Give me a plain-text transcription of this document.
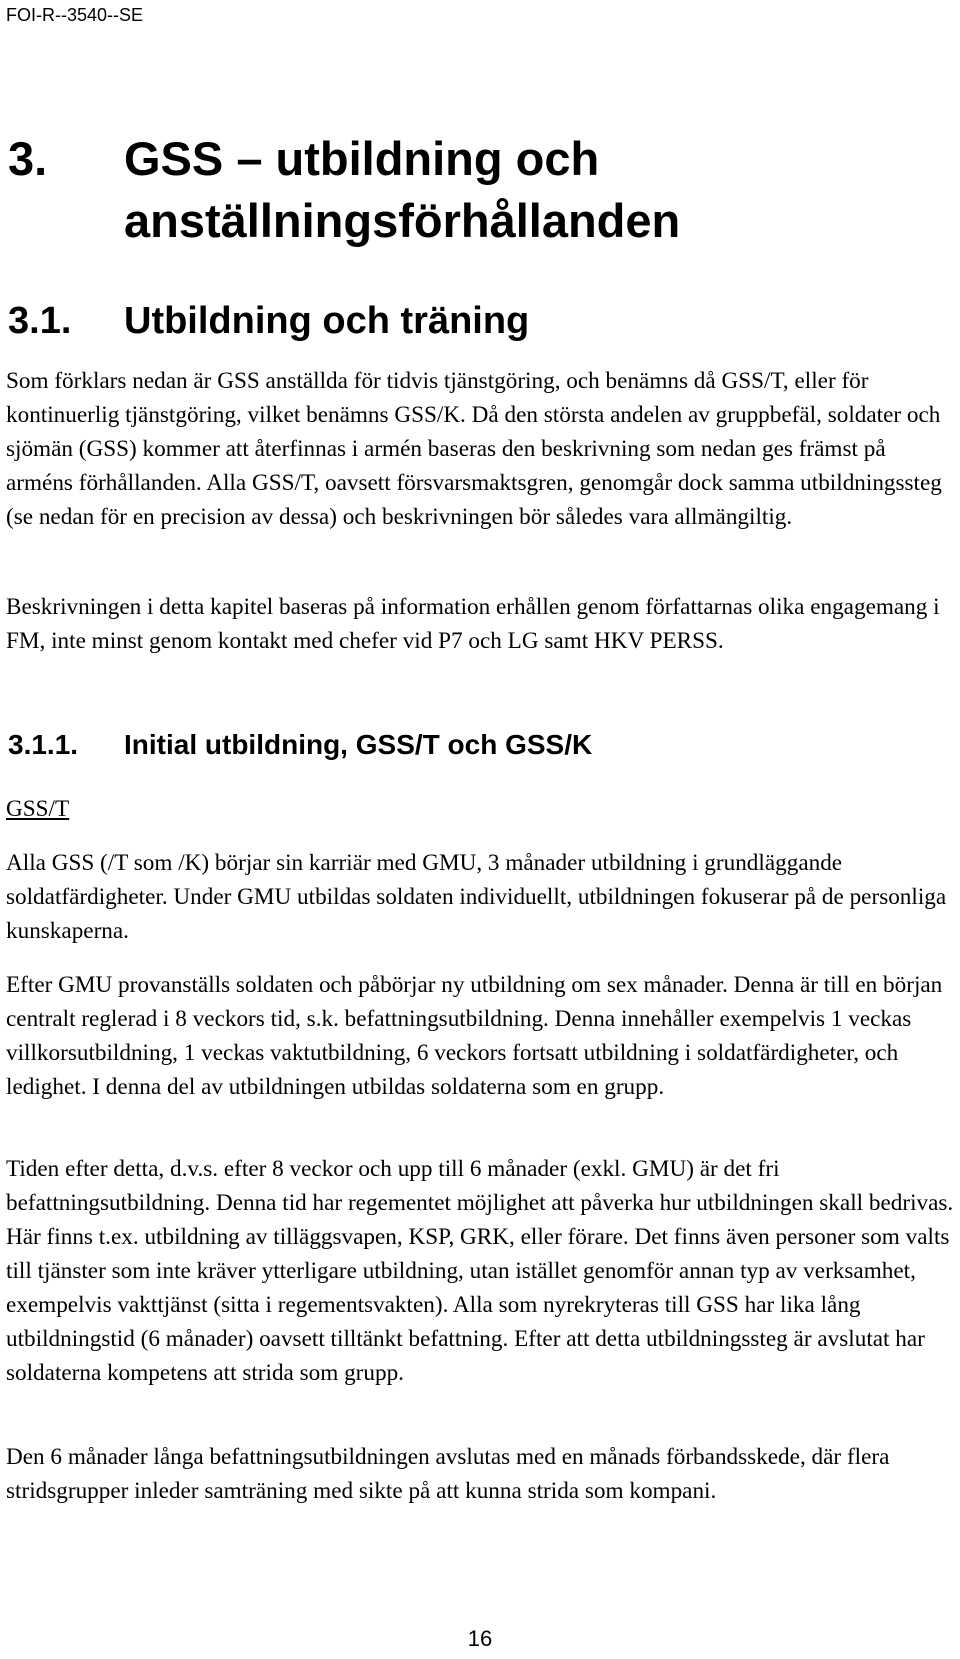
FOI-R--3540--SE
3.	GSS – utbildning och anställningsförhållanden
3.1.	Utbildning och träning

Som förklars nedan är GSS anställda för tidvis tjänstgöring, och benämns då GSS/T, eller för kontinuerlig tjänstgöring, vilket benämns GSS/K. Då den största andelen av gruppbefäl, soldater och sjömän (GSS) kommer att återfinnas i armén baseras den beskrivning som nedan ges främst på arméns förhållanden. Alla GSS/T, oavsett försvarsmaktsgren, genomgår dock samma utbildningssteg (se nedan för en precision av dessa) och beskrivningen bör således vara allmängiltig.

Beskrivningen i detta kapitel baseras på information erhållen genom författarnas olika engagemang i FM, inte minst genom kontakt med chefer vid P7 och LG samt HKV PERSS.

3.1.1.	Initial utbildning, GSS/T och GSS/K

GSS/T

Alla GSS (/T som /K) börjar sin karriär med GMU, 3 månader utbildning i grundläggande soldatfärdigheter. Under GMU utbildas soldaten individuellt, utbildningen fokuserar på de personliga kunskaperna.

Efter GMU provanställs soldaten och påbörjar ny utbildning om sex månader. Denna är till en början centralt reglerad i 8 veckors tid, s.k. befattningsutbildning. Denna innehåller exempelvis 1 veckas villkorsutbildning, 1 veckas vaktutbildning, 6 veckors fortsatt utbildning i soldatfärdigheter, och ledighet. I denna del av utbildningen utbildas soldaterna som en grupp.

Tiden efter detta, d.v.s. efter 8 veckor och upp till 6 månader (exkl. GMU) är det fri befattningsutbildning. Denna tid har regementet möjlighet att påverka hur utbildningen skall bedrivas. Här finns t.ex. utbildning av tilläggsvapen, KSP, GRK, eller förare. Det finns även personer som valts till tjänster som inte kräver ytterligare utbildning, utan istället genomför annan typ av verksamhet, exempelvis vakttjänst (sitta i regementsvakten). Alla som nyrekryteras till GSS har lika lång utbildningstid (6 månader) oavsett tilltänkt befattning. Efter att detta utbildningssteg är avslutat har soldaterna kompetens att strida som grupp.

Den 6 månader långa befattningsutbildningen avslutas med en månads förbandsskede, där flera stridsgrupper inleder samträning med sikte på att kunna strida som kompani.

16
